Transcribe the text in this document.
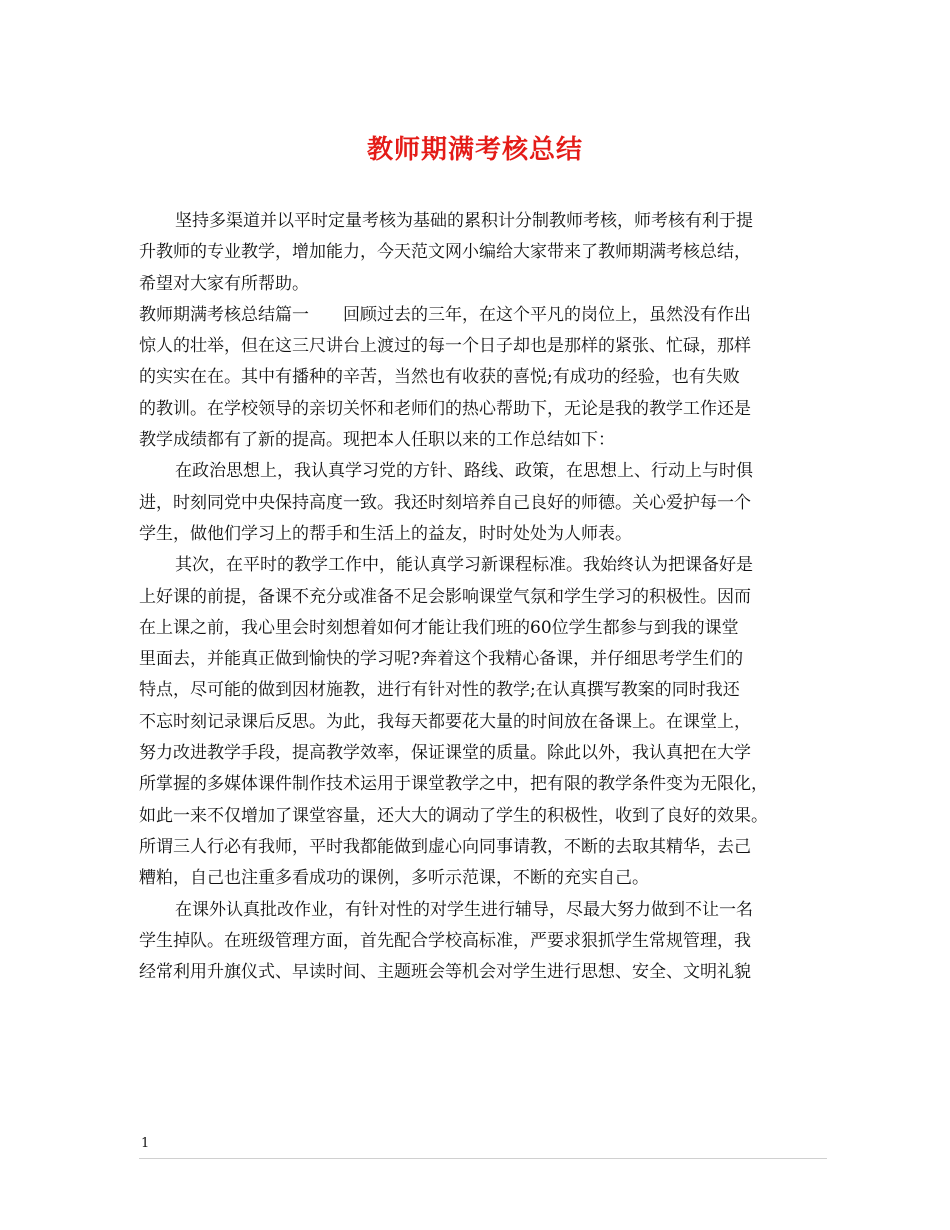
教师期满考核总结
坚持多渠道并以平时定量考核为基础的累积计分制教师考核，师考核有利于提
升教师的专业教学，增加能力，今天范文网小编给大家带来了教师期满考核总结，
希望对大家有所帮助。
教师期满考核总结篇一　　回顾过去的三年，在这个平凡的岗位上，虽然没有作出
惊人的壮举，但在这三尺讲台上渡过的每一个日子却也是那样的紧张、忙碌，那样
的实实在在。其中有播种的辛苦，当然也有收获的喜悦;有成功的经验，也有失败
的教训。在学校领导的亲切关怀和老师们的热心帮助下，无论是我的教学工作还是
教学成绩都有了新的提高。现把本人任职以来的工作总结如下：
在政治思想上，我认真学习党的方针、路线、政策，在思想上、行动上与时俱
进，时刻同党中央保持高度一致。我还时刻培养自己良好的师德。关心爱护每一个
学生，做他们学习上的帮手和生活上的益友，时时处处为人师表。
其次，在平时的教学工作中，能认真学习新课程标准。我始终认为把课备好是
上好课的前提，备课不充分或准备不足会影响课堂气氛和学生学习的积极性。因而
在上课之前，我心里会时刻想着如何才能让我们班的60位学生都参与到我的课堂
里面去，并能真正做到愉快的学习呢?奔着这个我精心备课，并仔细思考学生们的
特点，尽可能的做到因材施教，进行有针对性的教学;在认真撰写教案的同时我还
不忘时刻记录课后反思。为此，我每天都要花大量的时间放在备课上。在课堂上，
努力改进教学手段，提高教学效率，保证课堂的质量。除此以外，我认真把在大学
所掌握的多媒体课件制作技术运用于课堂教学之中，把有限的教学条件变为无限化，
如此一来不仅增加了课堂容量，还大大的调动了学生的积极性，收到了良好的效果。
所谓三人行必有我师，平时我都能做到虚心向同事请教，不断的去取其精华，去己
糟粕，自己也注重多看成功的课例，多听示范课，不断的充实自己。
在课外认真批改作业，有针对性的对学生进行辅导，尽最大努力做到不让一名
学生掉队。在班级管理方面，首先配合学校高标准，严要求狠抓学生常规管理，我
经常利用升旗仪式、早读时间、主题班会等机会对学生进行思想、安全、文明礼貌
1
